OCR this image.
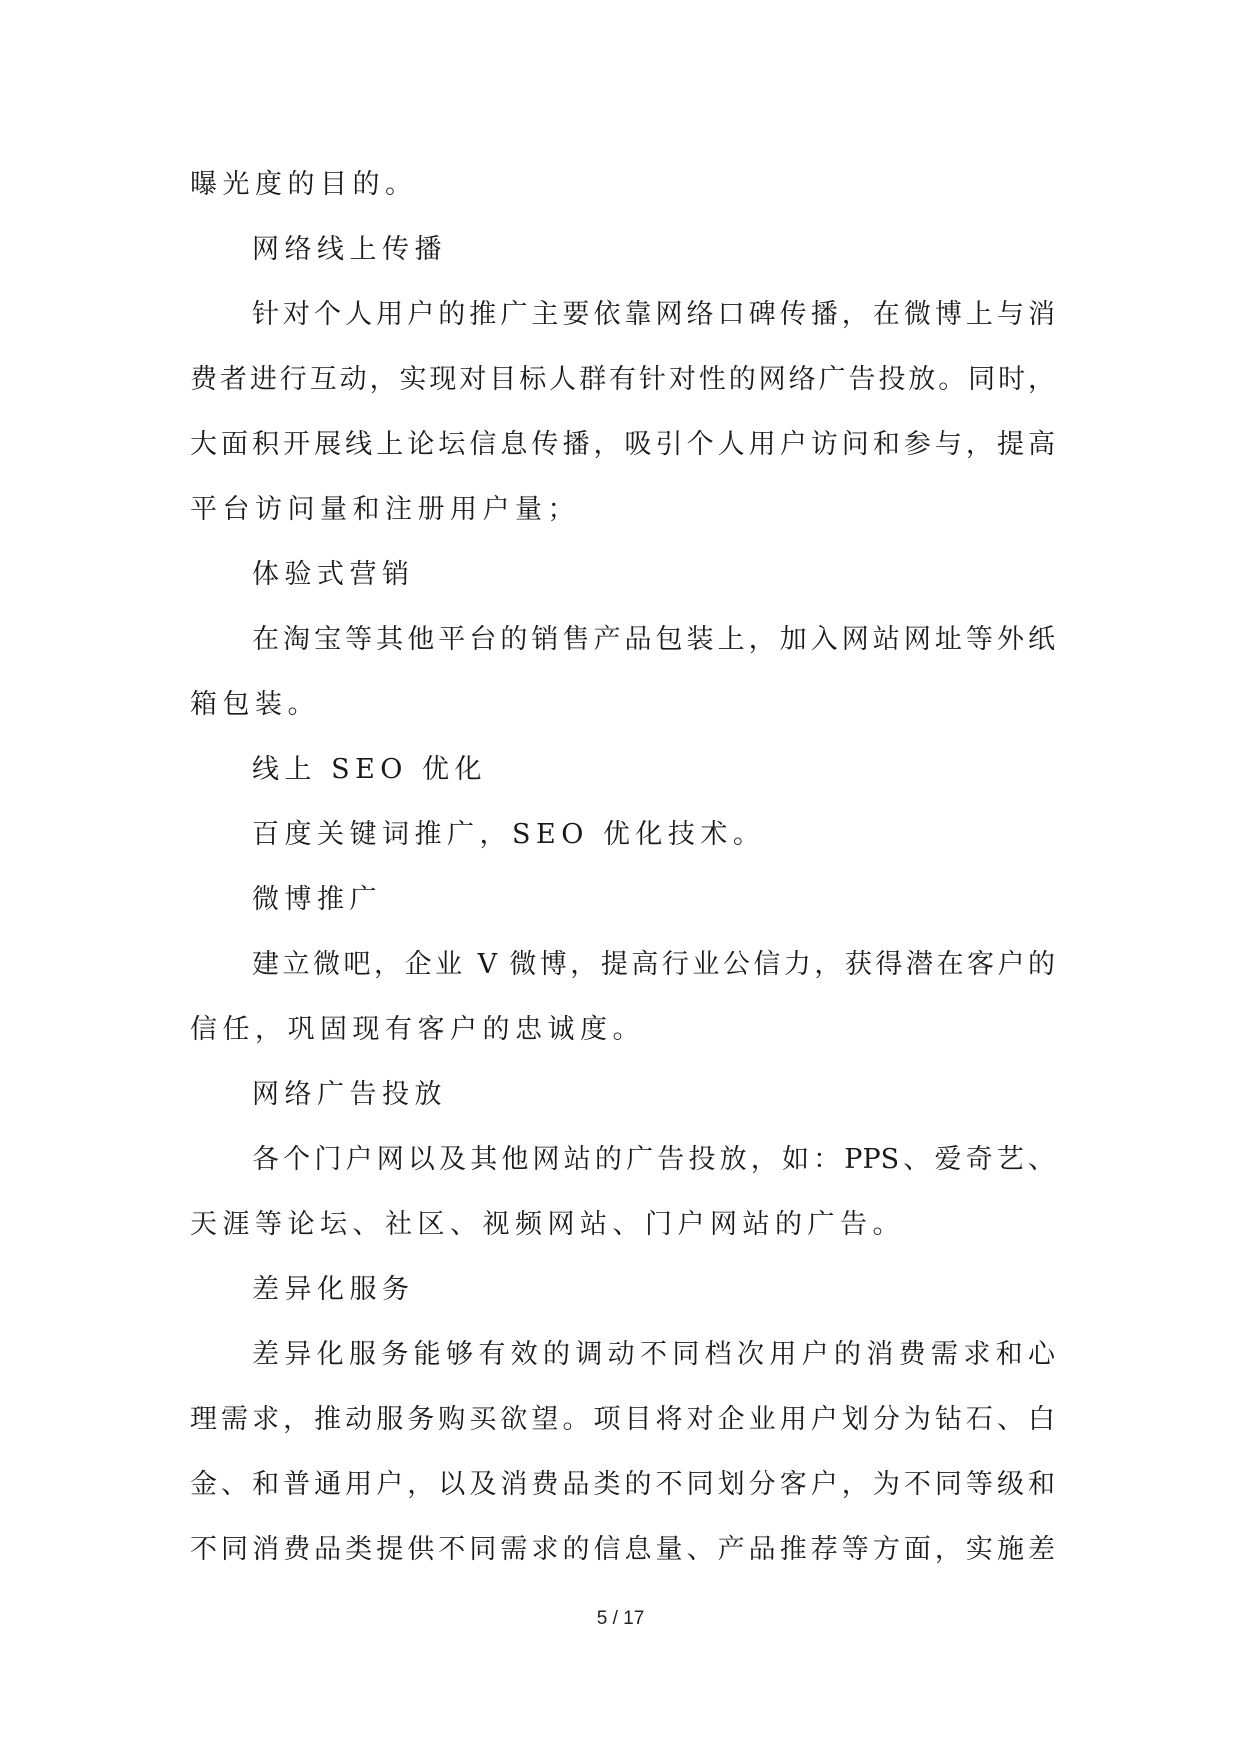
曝光度的目的。
网络线上传播
针对个人用户的推广主要依靠网络口碑传播，在微博上与消
费者进行互动，实现对目标人群有针对性的网络广告投放。同时，
大面积开展线上论坛信息传播，吸引个人用户访问和参与，提高
平台访问量和注册用户量；
体验式营销
在淘宝等其他平台的销售产品包装上，加入网站网址等外纸
箱包装。
线上 SEO 优化
百度关键词推广，SEO 优化技术。
微博推广
建立微吧，企业 V 微博，提高行业公信力，获得潜在客户的
信任，巩固现有客户的忠诚度。
网络广告投放
各个门户网以及其他网站的广告投放，如：PPS、爱奇艺、
天涯等论坛、社区、视频网站、门户网站的广告。
差异化服务
差异化服务能够有效的调动不同档次用户的消费需求和心
理需求，推动服务购买欲望。项目将对企业用户划分为钻石、白
金、和普通用户，以及消费品类的不同划分客户，为不同等级和
不同消费品类提供不同需求的信息量、产品推荐等方面，实施差
5 / 17
